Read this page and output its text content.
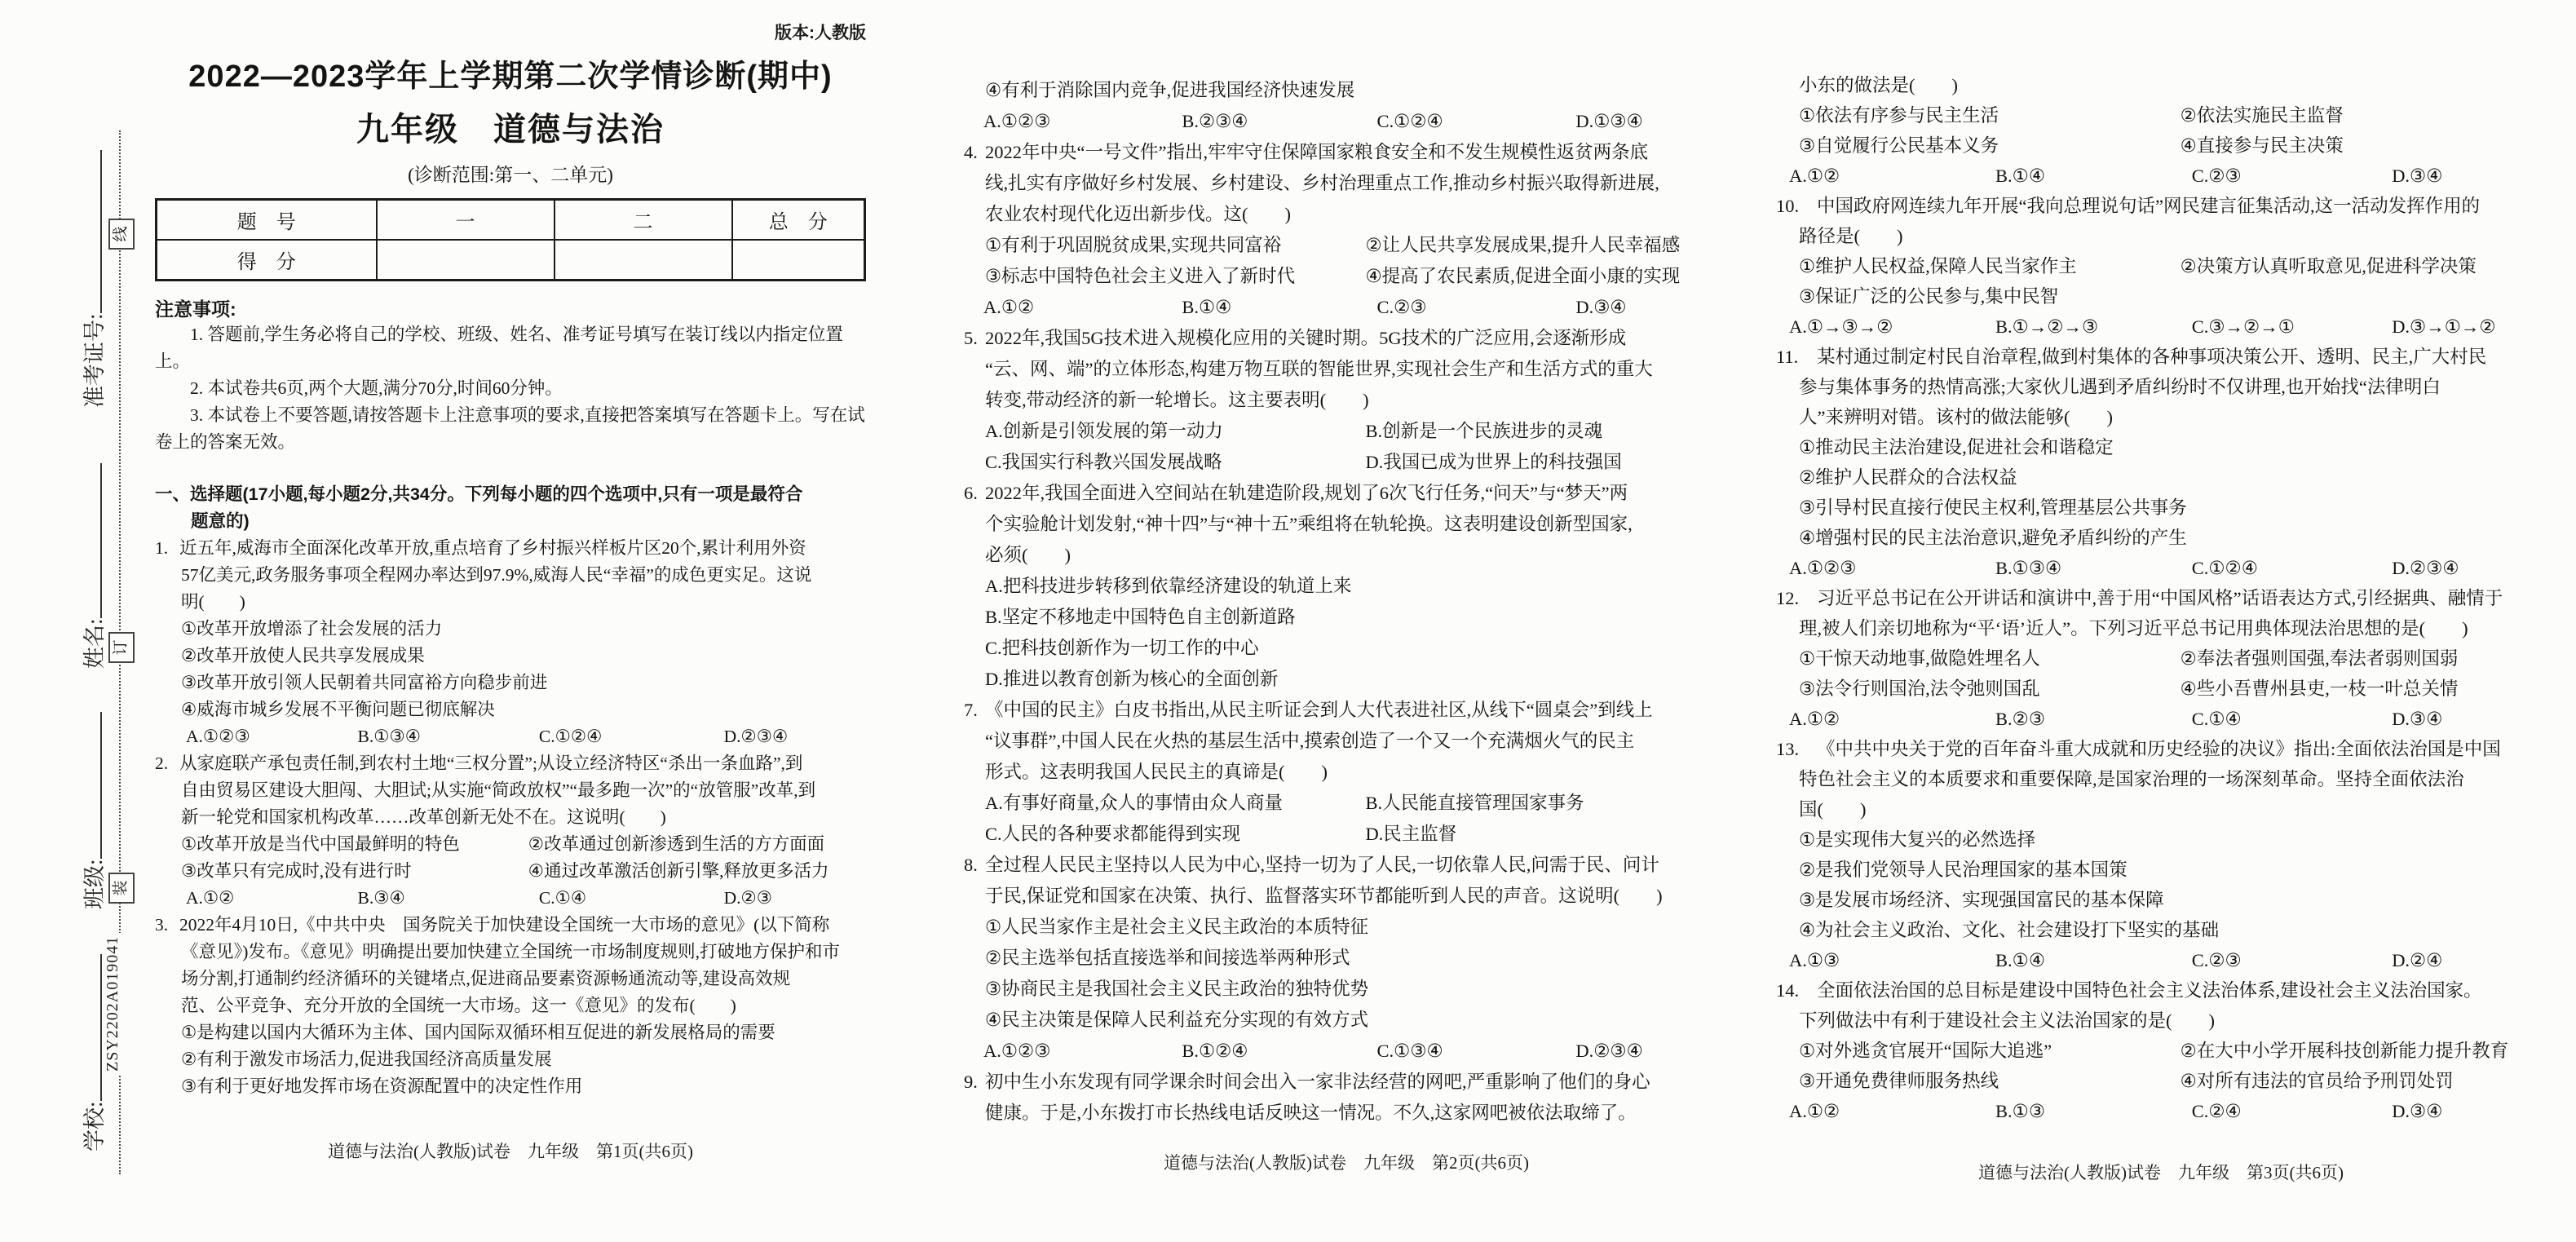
线
订
装
准考证号:
姓名:
班级:
学校:
ZSY2202A019041
版本:人教版
2022—2023学年上学期第二次学情诊断(期中)
九年级　道德与法治
(诊断范围:第一、二单元)
题　号	一	二	总　分
得　分			
注意事项:

1. 答题前,学生务必将自己的学校、班级、姓名、准考证号填写在装订线以内指定位置上。

2. 本试卷共6页,两个大题,满分70分,时间60分钟。

3. 本试卷上不要答题,请按答题卡上注意事项的要求,直接把答案填写在答题卡上。写在试卷上的答案无效。

一、选择题(17小题,每小题2分,共34分。下列每小题的四个选项中,只有一项是最符合
题意的)
1. 近五年,威海市全面深化改革开放,重点培育了乡村振兴样板片区20个,累计利用外资
57亿美元,政务服务事项全程网办率达到97.9%,威海人民“幸福”的成色更实足。这说
明(　　)
①改革开放增添了社会发展的活力
②改革开放使人民共享发展成果
③改革开放引领人民朝着共同富裕方向稳步前进
④威海市城乡发展不平衡问题已彻底解决
A.①②③	B.①③④	C.①②④	D.②③④
2. 从家庭联产承包责任制,到农村土地“三权分置”;从设立经济特区“杀出一条血路”,到
自由贸易区建设大胆闯、大胆试;从实施“简政放权”“最多跑一次”的“放管服”改革,到
新一轮党和国家机构改革……改革创新无处不在。这说明(　　)
①改革开放是当代中国最鲜明的特色	②改革通过创新渗透到生活的方方面面
③改革只有完成时,没有进行时	④通过改革激活创新引擎,释放更多活力
A.①②	B.③④	C.①④	D.②③
3. 2022年4月10日,《中共中央　国务院关于加快建设全国统一大市场的意见》(以下简称
《意见》)发布。《意见》明确提出要加快建立全国统一市场制度规则,打破地方保护和市
场分割,打通制约经济循环的关键堵点,促进商品要素资源畅通流动等,建设高效规
范、公平竞争、充分开放的全国统一大市场。这一《意见》的发布(　　)
①是构建以国内大循环为主体、国内国际双循环相互促进的新发展格局的需要
②有利于激发市场活力,促进我国经济高质量发展
③有利于更好地发挥市场在资源配置中的决定性作用
道德与法治(人教版)试卷　九年级　第1页(共6页)
④有利于消除国内竞争,促进我国经济快速发展
A.①②③	B.②③④	C.①②④	D.①③④
4. 2022年中央“一号文件”指出,牢牢守住保障国家粮食安全和不发生规模性返贫两条底
线,扎实有序做好乡村发展、乡村建设、乡村治理重点工作,推动乡村振兴取得新进展,
农业农村现代化迈出新步伐。这(　　)
①有利于巩固脱贫成果,实现共同富裕	②让人民共享发展成果,提升人民幸福感
③标志中国特色社会主义进入了新时代	④提高了农民素质,促进全面小康的实现
A.①②	B.①④	C.②③	D.③④
5. 2022年,我国5G技术进入规模化应用的关键时期。5G技术的广泛应用,会逐渐形成
“云、网、端”的立体形态,构建万物互联的智能世界,实现社会生产和生活方式的重大
转变,带动经济的新一轮增长。这主要表明(　　)
A.创新是引领发展的第一动力	B.创新是一个民族进步的灵魂
C.我国实行科教兴国发展战略	D.我国已成为世界上的科技强国
6. 2022年,我国全面进入空间站在轨建造阶段,规划了6次飞行任务,“问天”与“梦天”两
个实验舱计划发射,“神十四”与“神十五”乘组将在轨轮换。这表明建设创新型国家,
必须(　　)
A.把科技进步转移到依靠经济建设的轨道上来
B.坚定不移地走中国特色自主创新道路
C.把科技创新作为一切工作的中心
D.推进以教育创新为核心的全面创新
7. 《中国的民主》白皮书指出,从民主听证会到人大代表进社区,从线下“圆桌会”到线上
“议事群”,中国人民在火热的基层生活中,摸索创造了一个又一个充满烟火气的民主
形式。这表明我国人民民主的真谛是(　　)
A.有事好商量,众人的事情由众人商量	B.人民能直接管理国家事务
C.人民的各种要求都能得到实现	D.民主监督
8. 全过程人民民主坚持以人民为中心,坚持一切为了人民,一切依靠人民,问需于民、问计
于民,保证党和国家在决策、执行、监督落实环节都能听到人民的声音。这说明(　　)
①人民当家作主是社会主义民主政治的本质特征
②民主选举包括直接选举和间接选举两种形式
③协商民主是我国社会主义民主政治的独特优势
④民主决策是保障人民利益充分实现的有效方式
A.①②③	B.①②④	C.①③④	D.②③④
9. 初中生小东发现有同学课余时间会出入一家非法经营的网吧,严重影响了他们的身心
健康。于是,小东拨打市长热线电话反映这一情况。不久,这家网吧被依法取缔了。
道德与法治(人教版)试卷　九年级　第2页(共6页)
小东的做法是(　　)
①依法有序参与民主生活	②依法实施民主监督
③自觉履行公民基本义务	④直接参与民主决策
A.①②	B.①④	C.②③	D.③④
10. 中国政府网连续九年开展“我向总理说句话”网民建言征集活动,这一活动发挥作用的
路径是(　　)
①维护人民权益,保障人民当家作主	②决策方认真听取意见,促进科学决策
③保证广泛的公民参与,集中民智
A.①→③→②	B.①→②→③	C.③→②→①	D.③→①→②
11. 某村通过制定村民自治章程,做到村集体的各种事项决策公开、透明、民主,广大村民
参与集体事务的热情高涨;大家伙儿遇到矛盾纠纷时不仅讲理,也开始找“法律明白
人”来辨明对错。该村的做法能够(　　)
①推动民主法治建设,促进社会和谐稳定
②维护人民群众的合法权益
③引导村民直接行使民主权利,管理基层公共事务
④增强村民的民主法治意识,避免矛盾纠纷的产生
A.①②③	B.①③④	C.①②④	D.②③④
12. 习近平总书记在公开讲话和演讲中,善于用“中国风格”话语表达方式,引经据典、融情于
理,被人们亲切地称为“平‘语’近人”。下列习近平总书记用典体现法治思想的是(　　)
①干惊天动地事,做隐姓埋名人	②奉法者强则国强,奉法者弱则国弱
③法令行则国治,法令弛则国乱	④些小吾曹州县吏,一枝一叶总关情
A.①②	B.②③	C.①④	D.③④
13. 《中共中央关于党的百年奋斗重大成就和历史经验的决议》指出:全面依法治国是中国
特色社会主义的本质要求和重要保障,是国家治理的一场深刻革命。坚持全面依法治
国(　　)
①是实现伟大复兴的必然选择
②是我们党领导人民治理国家的基本国策
③是发展市场经济、实现强国富民的基本保障
④为社会主义政治、文化、社会建设打下坚实的基础
A.①③	B.①④	C.②③	D.②④
14. 全面依法治国的总目标是建设中国特色社会主义法治体系,建设社会主义法治国家。
下列做法中有利于建设社会主义法治国家的是(　　)
①对外逃贪官展开“国际大追逃”	②在大中小学开展科技创新能力提升教育
③开通免费律师服务热线	④对所有违法的官员给予刑罚处罚
A.①②	B.①③	C.②④	D.③④
道德与法治(人教版)试卷　九年级　第3页(共6页)
